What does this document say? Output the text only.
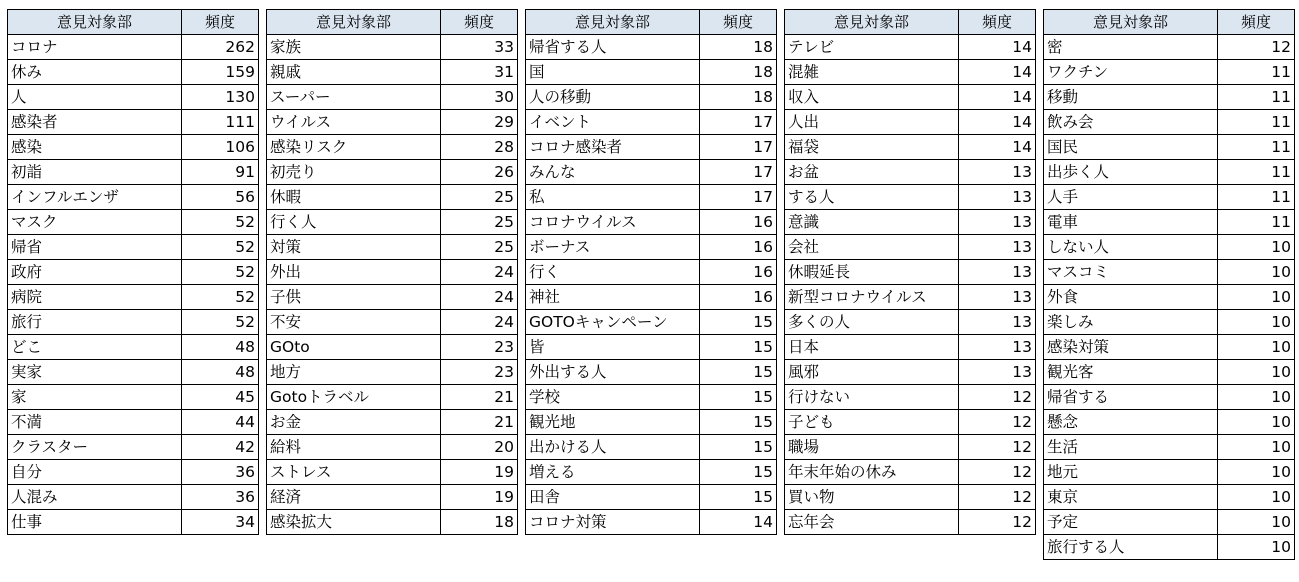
意見対象部	頻度
コロナ	262
休み	159
人	130
感染者	111
感染	106
初詣	91
インフルエンザ	56
マスク	52
帰省	52
政府	52
病院	52
旅行	52
どこ	48
実家	48
家	45
不満	44
クラスター	42
自分	36
人混み	36
仕事	34
意見対象部	頻度
家族	33
親戚	31
スーパー	30
ウイルス	29
感染リスク	28
初売り	26
休暇	25
行く人	25
対策	25
外出	24
子供	24
不安	24
GOto	23
地方	23
Gotoトラベル	21
お金	21
給料	20
ストレス	19
経済	19
感染拡大	18
意見対象部	頻度
帰省する人	18
国	18
人の移動	18
イベント	17
コロナ感染者	17
みんな	17
私	17
コロナウイルス	16
ボーナス	16
行く	16
神社	16
GOTOキャンペーン	15
皆	15
外出する人	15
学校	15
観光地	15
出かける人	15
増える	15
田舎	15
コロナ対策	14
意見対象部	頻度
テレビ	14
混雑	14
収入	14
人出	14
福袋	14
お盆	13
する人	13
意識	13
会社	13
休暇延長	13
新型コロナウイルス	13
多くの人	13
日本	13
風邪	13
行けない	12
子ども	12
職場	12
年末年始の休み	12
買い物	12
忘年会	12
意見対象部	頻度
密	12
ワクチン	11
移動	11
飲み会	11
国民	11
出歩く人	11
人手	11
電車	11
しない人	10
マスコミ	10
外食	10
楽しみ	10
感染対策	10
観光客	10
帰省する	10
懸念	10
生活	10
地元	10
東京	10
予定	10
旅行する人	10
